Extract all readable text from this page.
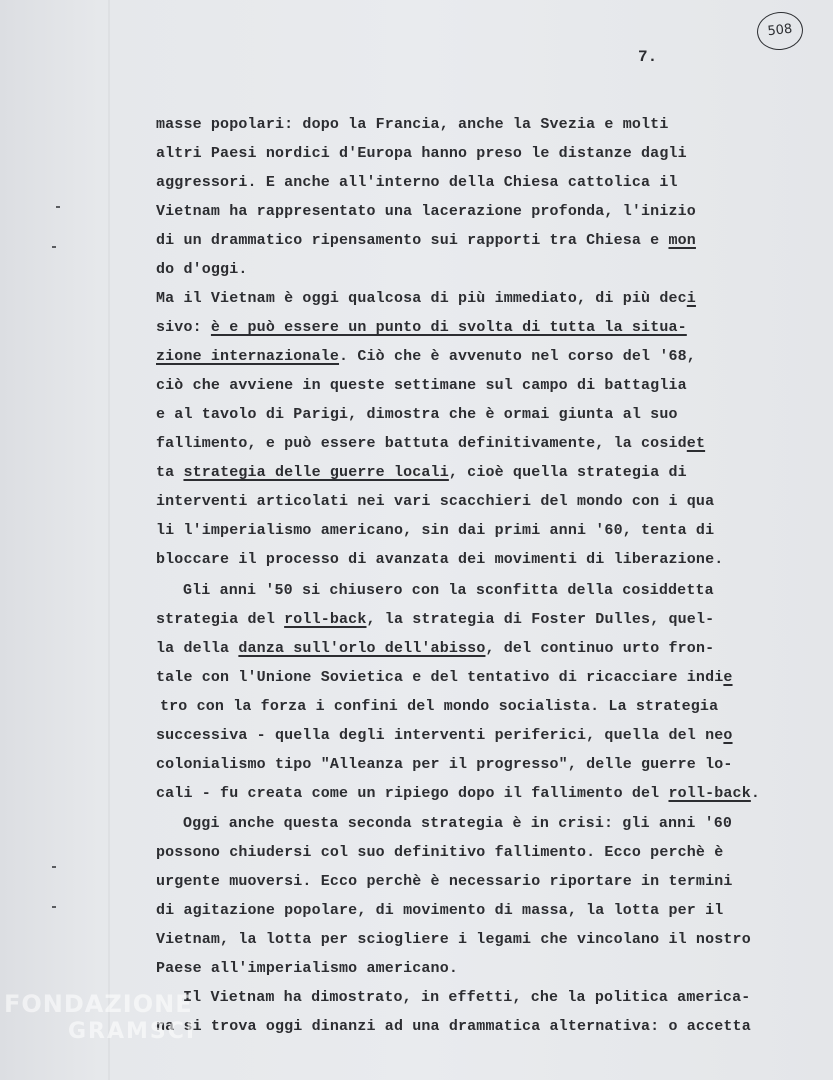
508
7.
masse popolari: dopo la Francia, anche la Svezia e molti
altri Paesi nordici d'Europa hanno preso le distanze dagli
aggressori. E anche all'interno della Chiesa cattolica il
Vietnam ha rappresentato una lacerazione profonda, l'inizio
di un drammatico ripensamento sui rapporti tra Chiesa e mon
do d'oggi.
Ma il Vietnam è oggi qualcosa di più immediato, di più deci
sivo: è e può essere un punto di svolta di tutta la situa-
zione internazionale. Ciò che è avvenuto nel corso del '68,
ciò che avviene in queste settimane sul campo di battaglia
e al tavolo di Parigi, dimostra che è ormai giunta al suo
fallimento, e può essere battuta definitivamente, la cosidet
ta strategia delle guerre locali, cioè quella strategia di
interventi articolati nei vari scacchieri del mondo con i qua
li l'imperialismo americano, sin dai primi anni '60, tenta di
bloccare il processo di avanzata dei movimenti di liberazione.
Gli anni '50 si chiusero con la sconfitta della cosiddetta
strategia del roll-back, la strategia di Foster Dulles, quel-
la della danza sull'orlo dell'abisso, del continuo urto fron-
tale con l'Unione Sovietica e del tentativo di ricacciare indie
tro con la forza i confini del mondo socialista. La strategia
successiva - quella degli interventi periferici, quella del neo
colonialismo tipo "Alleanza per il progresso", delle guerre lo-
cali - fu creata come un ripiego dopo il fallimento del roll-back.
Oggi anche questa seconda strategia è in crisi: gli anni '60
possono chiudersi col suo definitivo fallimento. Ecco perchè è
urgente muoversi. Ecco perchè è necessario riportare in termini
di agitazione popolare, di movimento di massa, la lotta per il
Vietnam, la lotta per sciogliere i legami che vincolano il nostro
Paese all'imperialismo americano.
Il Vietnam ha dimostrato, in effetti, che la politica america-
na si trova oggi dinanzi ad una drammatica alternativa: o accetta
FONDAZIONE
GRAMSCI
